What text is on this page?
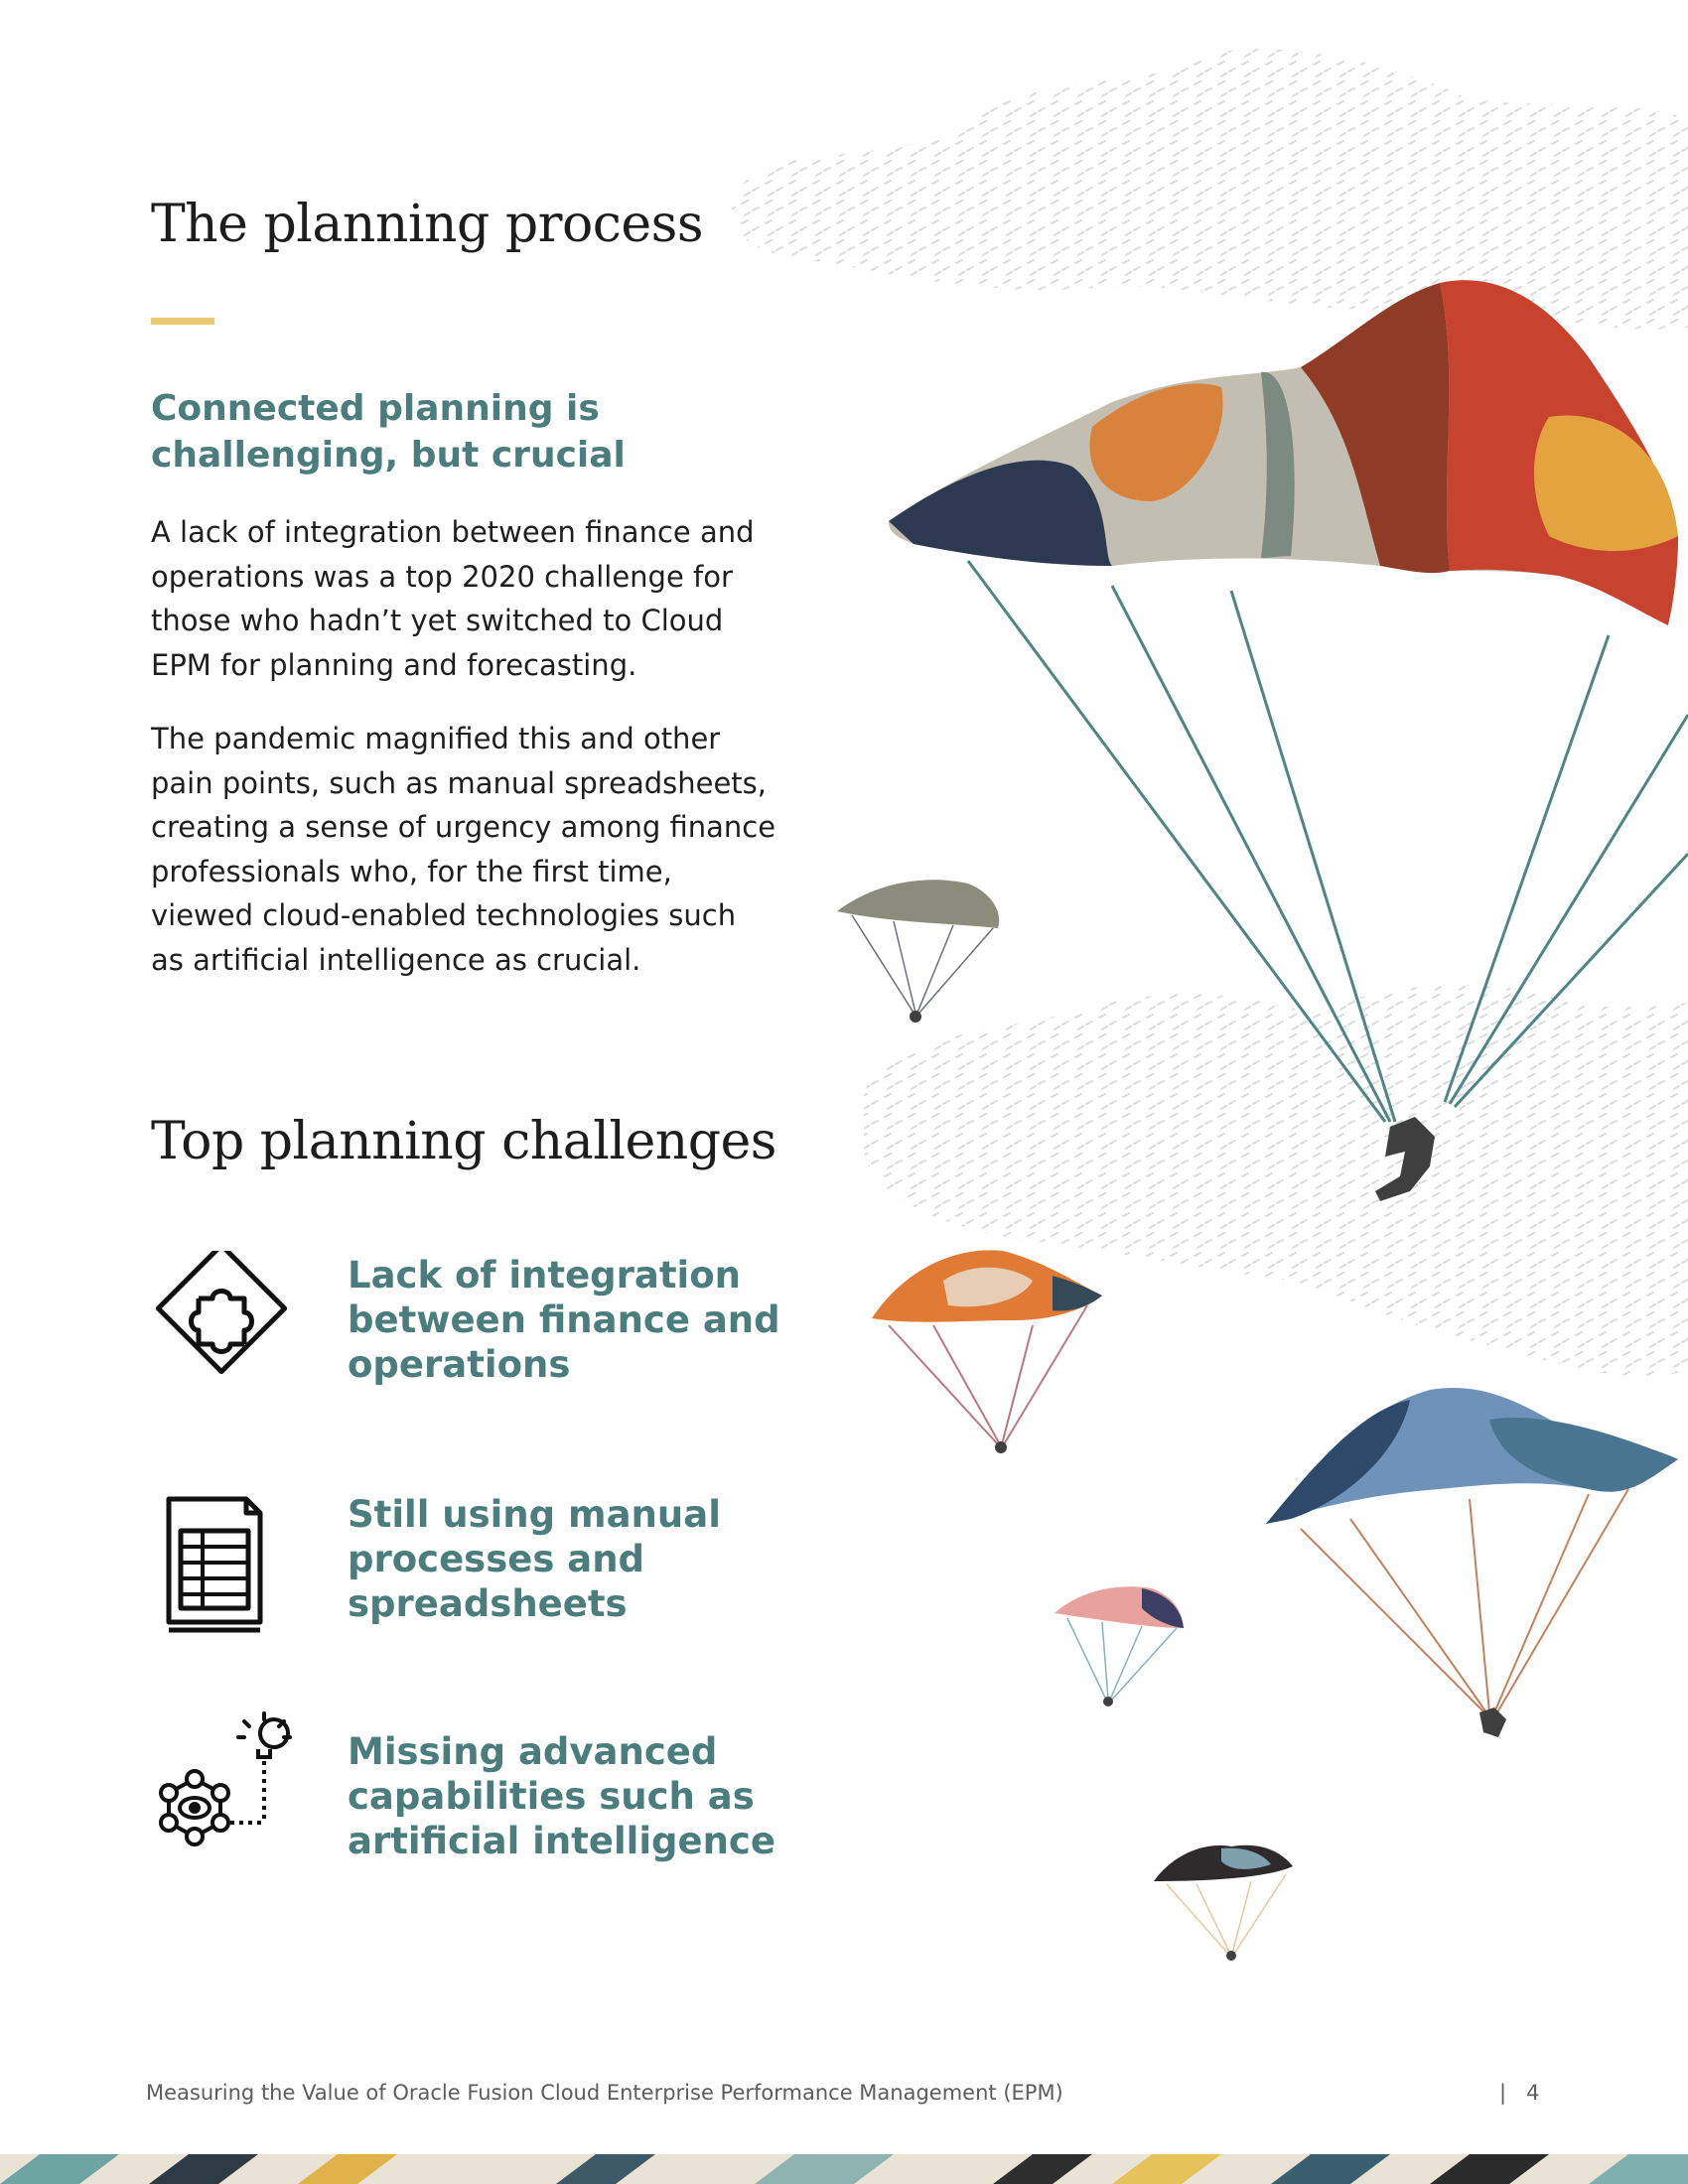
The planning process
Connected planning is challenging, but crucial

A lack of integration between finance and operations was a top 2020 challenge for those who hadn’t yet switched to Cloud EPM for planning and forecasting.

The pandemic magnified this and other pain points, such as manual spreadsheets, creating a sense of urgency among finance professionals who, for the first time, viewed cloud-enabled technologies such as artificial intelligence as crucial.

Top planning challenges
Lack of integration between finance and operations
Still using manual processes and spreadsheets
Missing advanced capabilities such as artificial intelligence
Measuring the Value of Oracle Fusion Cloud Enterprise Performance Management (EPM)	| 4
